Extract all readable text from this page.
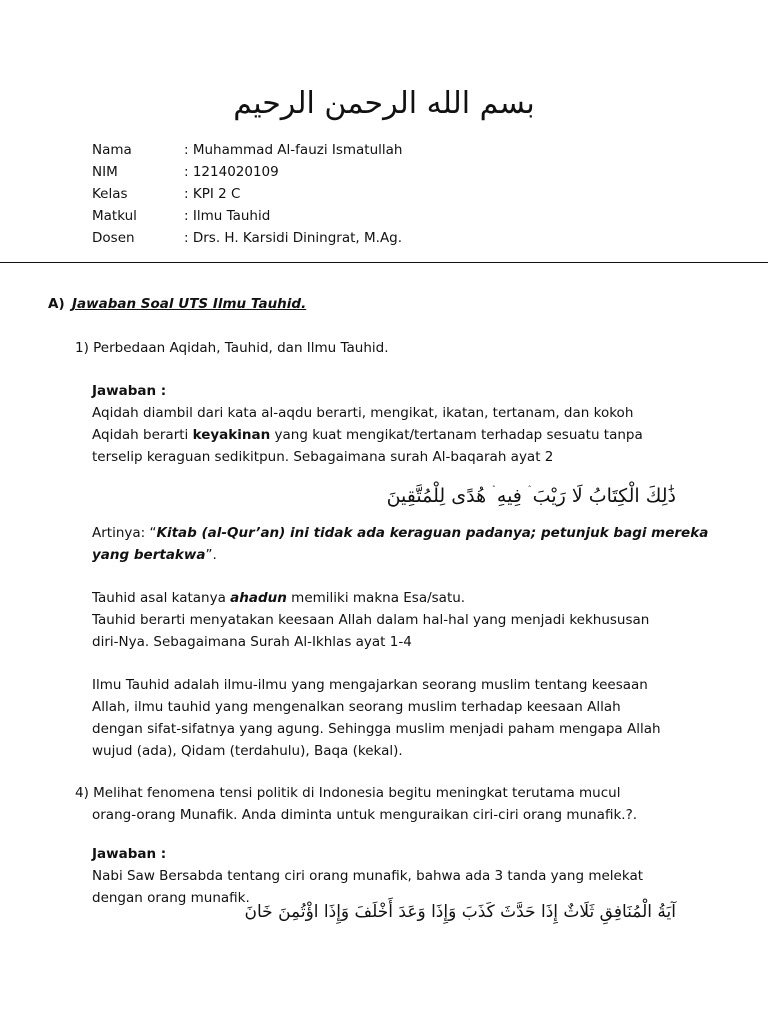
بسم الله الرحمن الرحيم
Nama	: Muhammad Al-fauzi Ismatullah
NIM	: 1214020109
Kelas	: KPI 2 C
Matkul	: Ilmu Tauhid
Dosen	: Drs. H. Karsidi Diningrat, M.Ag.
A) Jawaban Soal UTS Ilmu Tauhid.
1) Perbedaan Aqidah, Tauhid, dan Ilmu Tauhid.
Jawaban :
Aqidah diambil dari kata al-aqdu berarti, mengikat, ikatan, tertanam, dan kokoh
Aqidah berarti keyakinan yang kuat mengikat/tertanam terhadap sesuatu tanpa
terselip keraguan sedikitpun. Sebagaimana surah Al-baqarah ayat 2
ذَٰلِكَ الْكِتَابُ لَا رَيْبَ ۛ فِيهِ ۛ هُدًى لِلْمُتَّقِينَ
Artinya: “Kitab (al-Qur’an) ini tidak ada keraguan padanya; petunjuk bagi mereka
yang bertakwa”.
Tauhid asal katanya ahadun memiliki makna Esa/satu.
Tauhid berarti menyatakan keesaan Allah dalam hal-hal yang menjadi kekhususan
diri-Nya. Sebagaimana Surah Al-Ikhlas ayat 1-4
Ilmu Tauhid adalah ilmu-ilmu yang mengajarkan seorang muslim tentang keesaan
Allah, ilmu tauhid yang mengenalkan seorang muslim terhadap keesaan Allah
dengan sifat-sifatnya yang agung. Sehingga muslim menjadi paham mengapa Allah
wujud (ada), Qidam (terdahulu), Baqa (kekal).
4) Melihat fenomena tensi politik di Indonesia begitu meningkat terutama mucul
orang-orang Munafik. Anda diminta untuk menguraikan ciri-ciri orang munafik.?.
Jawaban :
Nabi Saw Bersabda tentang ciri orang munafik, bahwa ada 3 tanda yang melekat
dengan orang munafik.
آيَةُ الْمُنَافِقِ ثَلَاثٌ إِذَا حَدَّثَ كَذَبَ وَإِذَا وَعَدَ أَخْلَفَ وَإِذَا اؤْتُمِنَ خَانَ
